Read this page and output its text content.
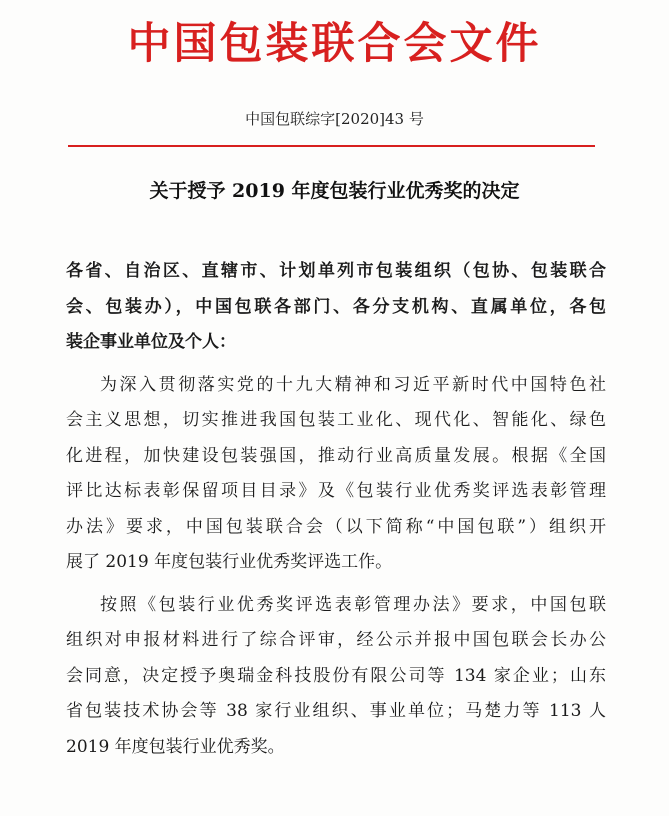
中国包装联合会文件
中国包联综字[2020]43 号
关于授予 2019 年度包装行业优秀奖的决定
各省、自治区、直辖市、计划单列市包装组织（包协、包装联合
会、包装办），中国包联各部门、各分支机构、直属单位，各包
装企事业单位及个人：
为深入贯彻落实党的十九大精神和习近平新时代中国特色社
会主义思想，切实推进我国包装工业化、现代化、智能化、绿色
化进程，加快建设包装强国，推动行业高质量发展。根据《全国
评比达标表彰保留项目目录》及《包装行业优秀奖评选表彰管理
办法》要求，中国包装联合会（以下简称“中国包联”）组织开
展了 2019 年度包装行业优秀奖评选工作。
按照《包装行业优秀奖评选表彰管理办法》要求，中国包联
组织对申报材料进行了综合评审，经公示并报中国包联会长办公
会同意，决定授予奥瑞金科技股份有限公司等 134 家企业；山东
省包装技术协会等 38 家行业组织、事业单位；马楚力等 113 人
2019 年度包装行业优秀奖。
